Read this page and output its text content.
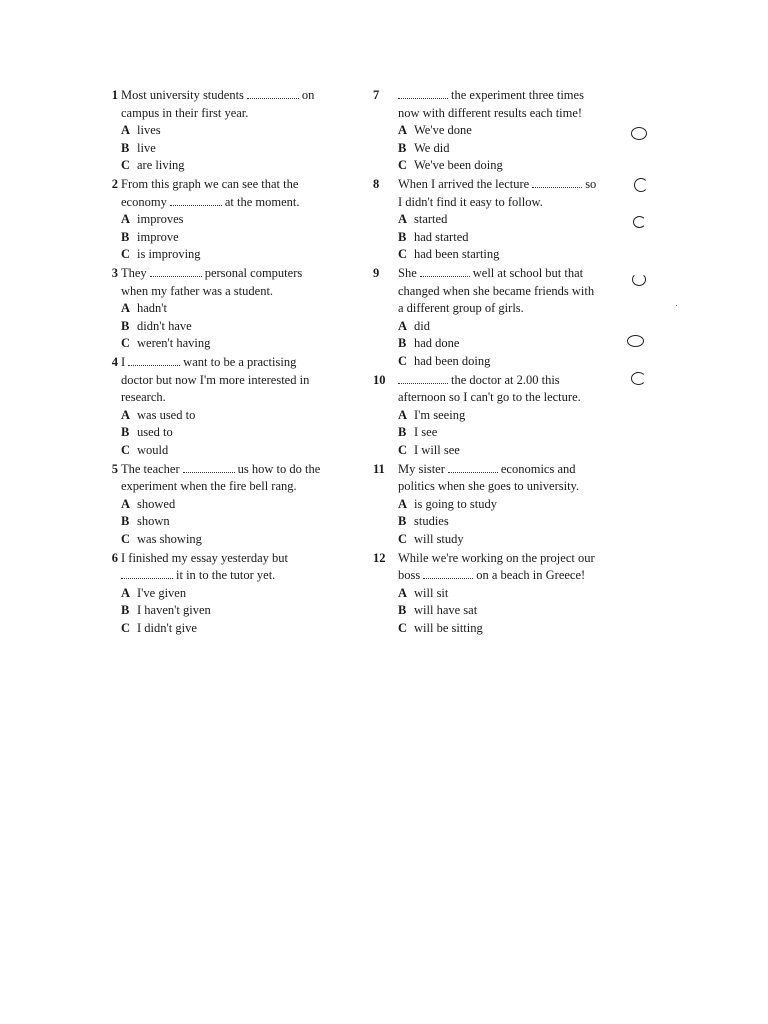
1 Most university students	on
campus in their first year.
A lives
B live
C are living
2 From this graph we can see that the
economy	at the moment.
A improves
B improve
C is improving
3 They	personal computers
when my father was a student.
A hadn't
B didn't have
C weren't having
4 I	want to be a practising
doctor but now I'm more interested in
research.
A was used to
B used to
C would
5 The teacher	us how to do the
experiment when the fire bell rang.
A showed
B shown
C was showing
6 I finished my essay yesterday but
it in to the tutor yet.
A I've given
B I haven't given
C I didn't give
7	the experiment three times
now with different results each time!
A We've done
B We did
C We've been doing
8	When I arrived the lecture	so
I didn't find it easy to follow.
A started
B had started
C had been starting
9	She	well at school but that
changed when she became friends with
a different group of girls.
A did
B had done
C had been doing
10	the doctor at 2.00 this
afternoon so I can't go to the lecture.
A I'm seeing
B I see
C I will see
11	My sister	economics and
politics when she goes to university.
A is going to study
B studies
C will study
12	While we're working on the project our
boss	on a beach in Greece!
A will sit
B will have sat
C will be sitting
